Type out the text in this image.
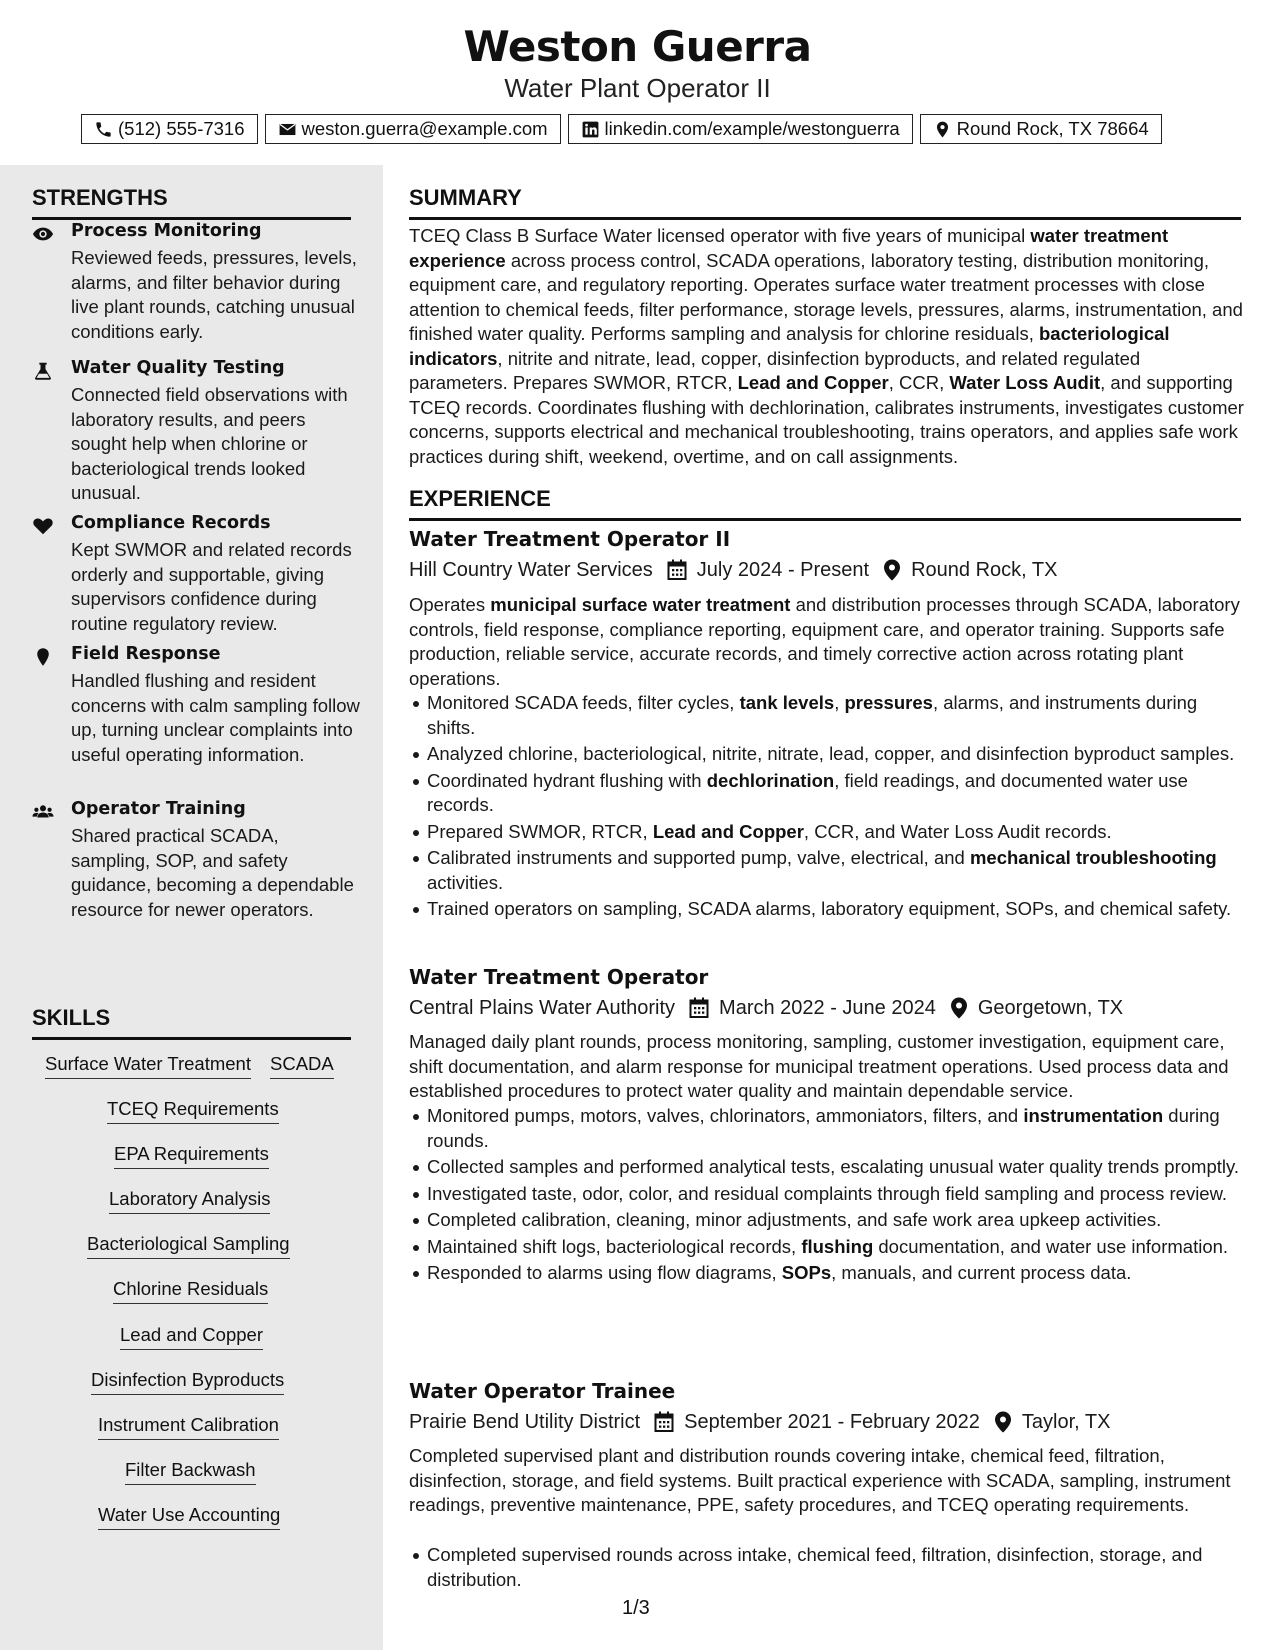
Weston Guerra
Water Plant Operator II
(512) 555-7316	weston.guerra@example.com	linkedin.com/example/westonguerra	Round Rock, TX 78664
STRENGTHS
Process Monitoring
Reviewed feeds, pressures, levels, alarms, and filter behavior during live plant rounds, catching unusual conditions early.
Water Quality Testing
Connected field observations with laboratory results, and peers sought help when chlorine or bacteriological trends looked unusual.
Compliance Records
Kept SWMOR and related records orderly and supportable, giving supervisors confidence during routine regulatory review.
Field Response
Handled flushing and resident concerns with calm sampling follow up, turning unclear complaints into useful operating information.
Operator Training
Shared practical SCADA, sampling, SOP, and safety guidance, becoming a dependable resource for newer operators.
SKILLS
Surface Water Treatment SCADA
TCEQ Requirements
EPA Requirements
Laboratory Analysis
Bacteriological Sampling
Chlorine Residuals
Lead and Copper
Disinfection Byproducts
Instrument Calibration
Filter Backwash
Water Use Accounting
SUMMARY
TCEQ Class B Surface Water licensed operator with five years of municipal water treatment experience across process control, SCADA operations, laboratory testing, distribution monitoring, equipment care, and regulatory reporting. Operates surface water treatment processes with close attention to chemical feeds, filter performance, storage levels, pressures, alarms, instrumentation, and finished water quality. Performs sampling and analysis for chlorine residuals, bacteriological indicators, nitrite and nitrate, lead, copper, disinfection byproducts, and related regulated parameters. Prepares SWMOR, RTCR, Lead and Copper, CCR, Water Loss Audit, and supporting TCEQ records. Coordinates flushing with dechlorination, calibrates instruments, investigates customer concerns, supports electrical and mechanical troubleshooting, trains operators, and applies safe work practices during shift, weekend, overtime, and on call assignments.
EXPERIENCE
Water Treatment Operator II
Hill Country Water Services July 2024 - Present Round Rock, TX
Operates municipal surface water treatment and distribution processes through SCADA, laboratory controls, field response, compliance reporting, equipment care, and operator training. Supports safe production, reliable service, accurate records, and timely corrective action across rotating plant operations.
Monitored SCADA feeds, filter cycles, tank levels, pressures, alarms, and instruments during shifts.
Analyzed chlorine, bacteriological, nitrite, nitrate, lead, copper, and disinfection byproduct samples.
Coordinated hydrant flushing with dechlorination, field readings, and documented water use records.
Prepared SWMOR, RTCR, Lead and Copper, CCR, and Water Loss Audit records.
Calibrated instruments and supported pump, valve, electrical, and mechanical troubleshooting activities.
Trained operators on sampling, SCADA alarms, laboratory equipment, SOPs, and chemical safety.
Water Treatment Operator
Central Plains Water Authority March 2022 - June 2024 Georgetown, TX
Managed daily plant rounds, process monitoring, sampling, customer investigation, equipment care, shift documentation, and alarm response for municipal treatment operations. Used process data and established procedures to protect water quality and maintain dependable service.
Monitored pumps, motors, valves, chlorinators, ammoniators, filters, and instrumentation during rounds.
Collected samples and performed analytical tests, escalating unusual water quality trends promptly.
Investigated taste, odor, color, and residual complaints through field sampling and process review.
Completed calibration, cleaning, minor adjustments, and safe work area upkeep activities.
Maintained shift logs, bacteriological records, flushing documentation, and water use information.
Responded to alarms using flow diagrams, SOPs, manuals, and current process data.
Water Operator Trainee
Prairie Bend Utility District September 2021 - February 2022 Taylor, TX
Completed supervised plant and distribution rounds covering intake, chemical feed, filtration, disinfection, storage, and field systems. Built practical experience with SCADA, sampling, instrument readings, preventive maintenance, PPE, safety procedures, and TCEQ operating requirements.
Completed supervised rounds across intake, chemical feed, filtration, disinfection, storage, and distribution.
1/3
